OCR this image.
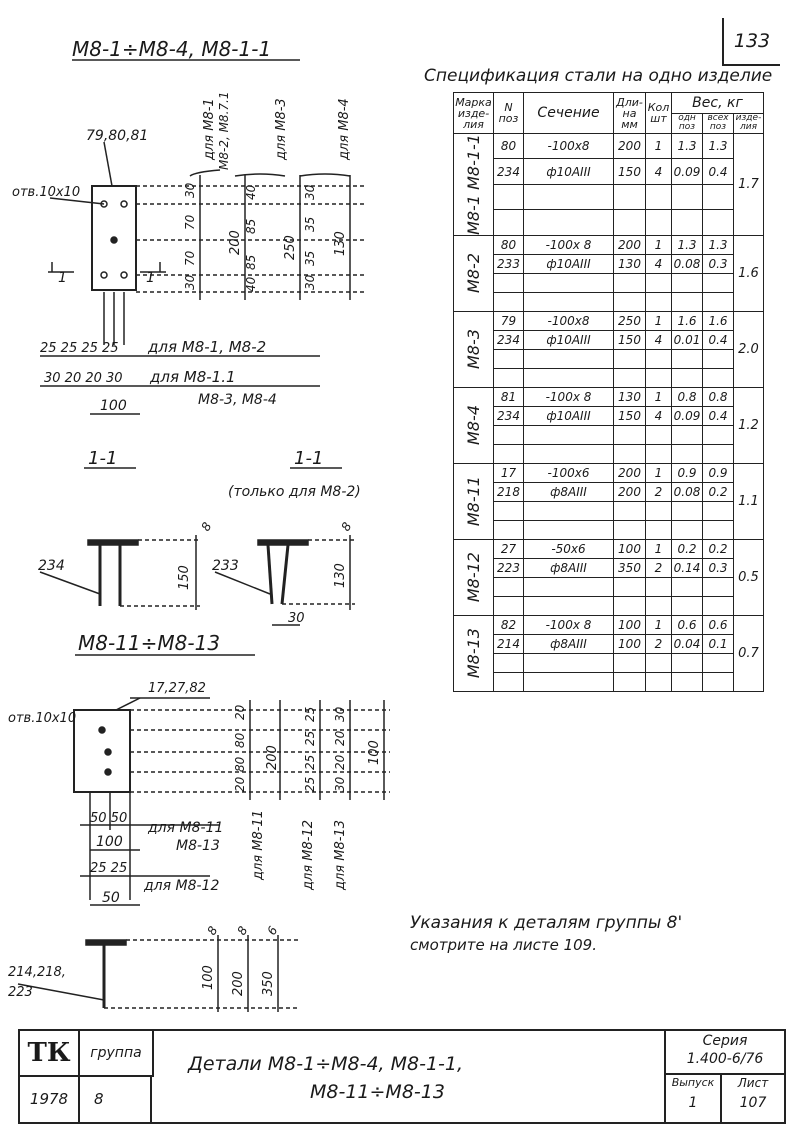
133
М8-1÷М8-4, М8-1-1
79,80,81
отв.10x10
для М8-1 М8-2, М8.7.1	для М8-3	для М8-4
30
70
70
30
200
40
85
85
40
250
30
35
35
30
130
1	1
25 25 25 25 для М8-1, М8-2
30 20 20 30 для М8-1.1
М8-3, М8-4
100
1-1	1-1
(только для М8-2)
234	233
150	130
8	8
30
М8-11÷М8-13
17,27,82
отв.10x10	20
80
80
20
200
25
25
25
25
30
20
20
30
100
для М8-11	для М8-12 для М8-13
50 50
для М8-11
М8-13
100
25 25
для М8-12
50
214,218,
223
100 200 350
8 8 6
Спецификация стали на одно изделие
Марка изде-лия	N поз	Сечение	Дли-на мм	Кол шт	Вес, кг		
					одн поз	всех поз	изде-лия

М8-1 М8-1-1	80	-100x8	200	1	1.3	1.3	1.7
	234	ф10АIII	150	4	0.09	0.4	

М8-2	80	-100x 8	200	1	1.3	1.3	1.6
	233	ф10АIII	130	4	0.08	0.3	

М8-3	79	-100x8	250	1	1.6	1.6	2.0
	234	ф10АIII	150	4	0.01	0.4	

М8-4	81	-100x 8	130	1	0.8	0.8	1.2
	234	ф10АIII	150	4	0.09	0.4	

М8-11	17	-100x6	200	1	0.9	0.9	1.1
	218	ф8АIII	200	2	0.08	0.2	

М8-12	27	-50x6	100	1	0.2	0.2	0.5
	223	ф8АIII	350	2	0.14	0.3	

М8-13	82	-100x 8	100	1	0.6	0.6	0.7
	214	ф8АIII	100	2	0.04	0.1	

Указания к деталям группы 8'
смотрите на листе 109.
ТК	группа
1978	8
Детали М8-1÷М8-4, М8-1-1,
М8-11÷М8-13
Серия
1.400-6/76
Выпуск
1
Лист
107
